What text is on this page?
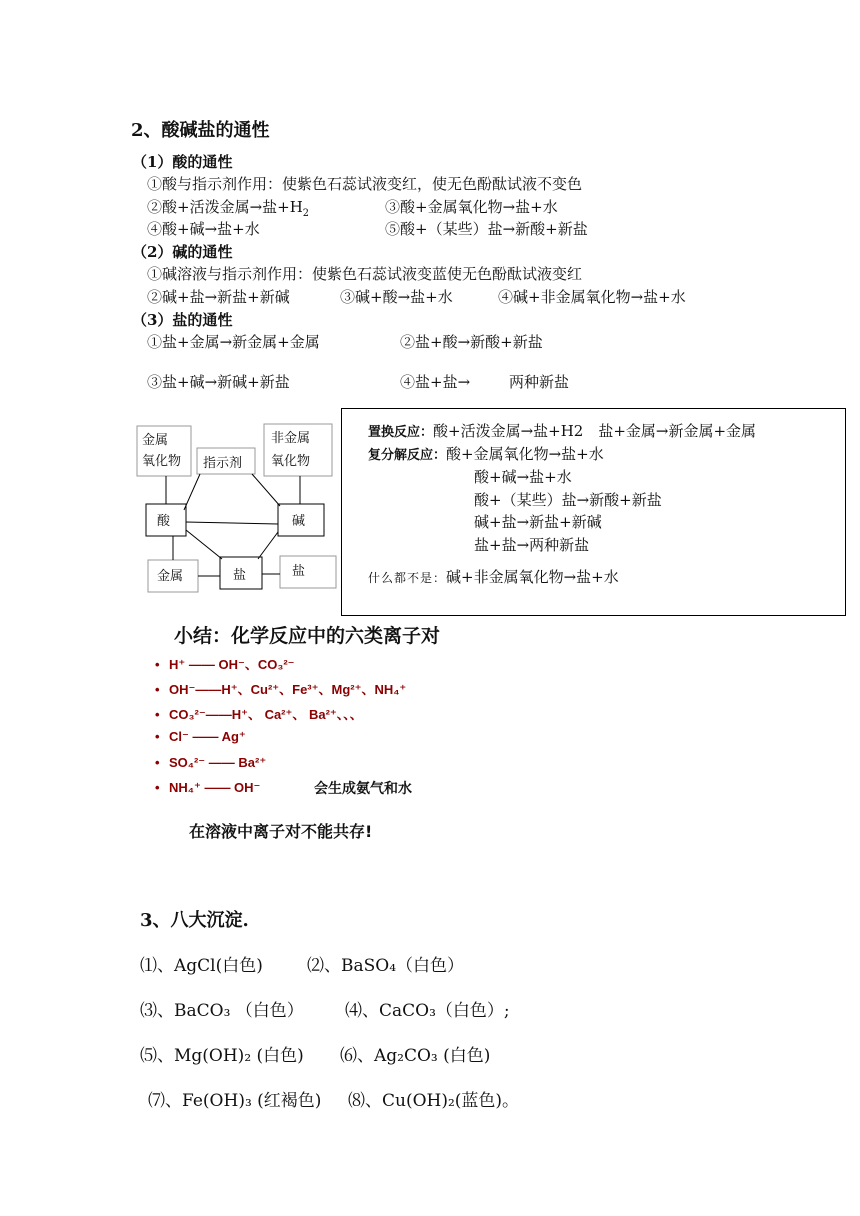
2、酸碱盐的通性
（1）酸的通性
①酸与指示剂作用：使紫色石蕊试液变红，使无色酚酞试液不变色
②酸+活泼金属→盐$+H_2$	③酸+金属氧化物→盐+水
④酸+碱→盐+水	⑤酸+（某些）盐→新酸+新盐
（2）碱的通性
①碱溶液与指示剂作用：使紫色石蕊试液变蓝使无色酚酞试液变红
②碱+盐→新盐+新碱	③碱+酸→盐+水	④碱+非金属氧化物→盐+水
（3）盐的通性
①盐+金属→新金属+金属	②盐+酸→新酸+新盐
③盐+碱→新碱+新盐	④盐+盐→	两种新盐
金属
氧化物
非金属
氧化物
指示剂
酸	碱
金属	盐	盐
置换反应：酸+活泼金属→盐+H2　盐+金属→新金属+金属
复分解反应：酸+金属氧化物→盐+水
酸+碱→盐+水
酸+（某些）盐→新酸+新盐
碱+盐→新盐+新碱
盐+盐→两种新盐
什么都不是：碱+非金属氧化物→盐+水
小结：化学反应中的六类离子对
• H⁺ —— OH⁻、CO₃²⁻
• OH⁻——H⁺、Cu²⁺、Fe³⁺、Mg²⁺、NH₄⁺
• CO₃²⁻——H⁺、 Ca²⁺、 Ba²⁺、、、
• Cl⁻ —— Ag⁺
• SO₄²⁻ —— Ba²⁺
• NH₄⁺ —— OH⁻	会生成氨气和水
在溶液中离子对不能共存!
3、八大沉淀.
⑴、AgCl(白色)	⑵、BaSO₄（白色）
⑶、BaCO₃ （白色） ⑷、CaCO₃（白色）;
⑸、Mg(OH)₂ (白色) ⑹、Ag₂CO₃ (白色)
⑺、Fe(OH)₃ (红褐色) ⑻、Cu(OH)₂(蓝色)。
